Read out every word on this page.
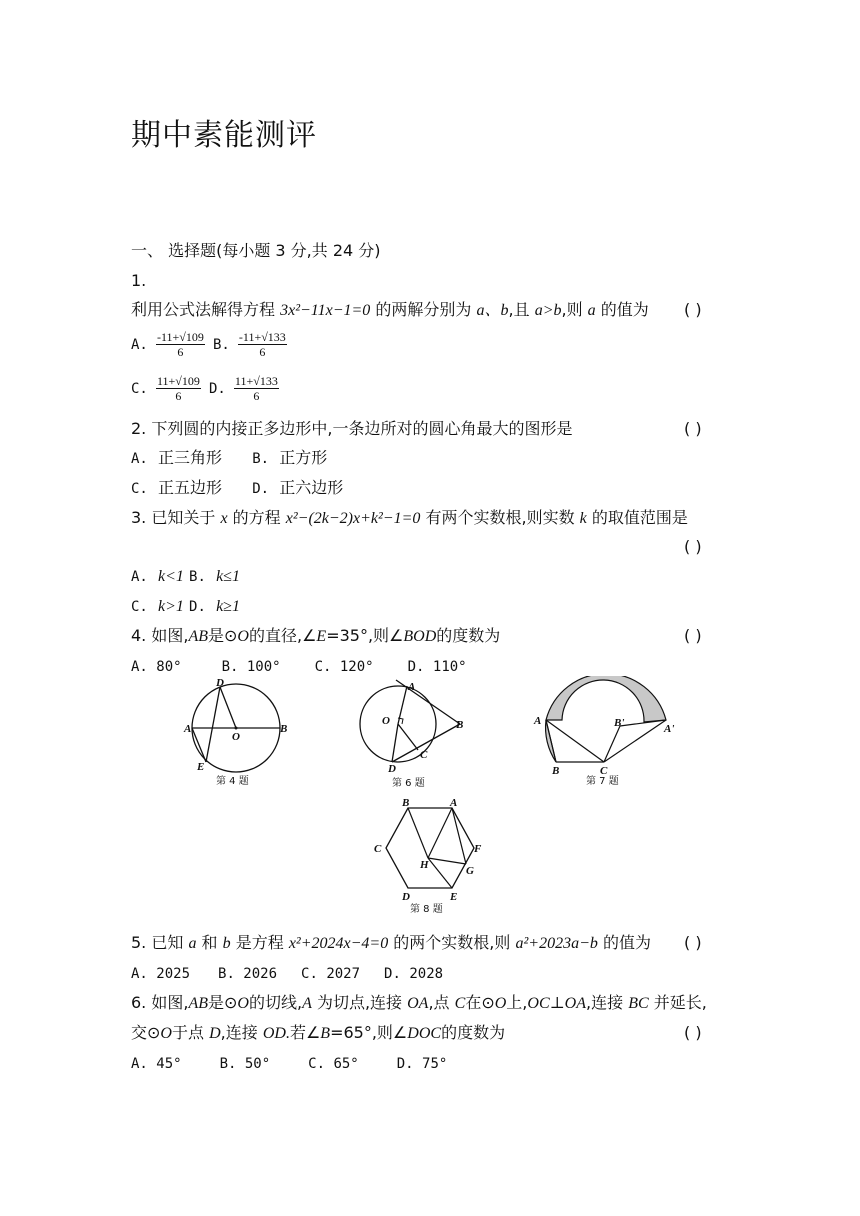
期中素能测评
一、 选择题(每小题 3 分,共 24 分)
1.
利用公式法解得方程 3x²−11x−1=0 的两解分别为 a、b,且 a>b,则 a 的值为 ( )
A. $\frac{-11+√109}{6} B$. $\frac{-11+√133}{6}$
C. $\frac{11+√109}{6} D$. $\frac{11+√133}{6}$
2. 下列圆的内接正多边形中,一条边所对的圆心角最大的图形是	( )
A. 正三角形 B. 正方形
C. 正五边形 D. 正六边形
3. 已知关于 x 的方程 x²−(2k−2)x+k²−1=0 有两个实数根,则实数 k 的取值范围是
( )
A. k<1 B. k≤1
C. k>1 D. k≥1
4. 如图,AB是⊙O的直径,∠E=35°,则∠BOD的度数为	( )
A. 80°	B. 100° C. 120° D. 110°
D
A
O
B
E
第 4 题
A
O	B
C
D
第 6 题
A	B'	A'
B	C
第 7 题
B	A
C	F
H	G
D	E
第 8 题
5. 已知 a 和 b 是方程 x²+2024x−4=0 的两个实数根,则 a²+2023a−b 的值为 ( )
A. 2025 B. 2026 C. 2027 D. 2028
6. 如图,AB是⊙O的切线,A 为切点,连接 OA,点 C在⊙O上,OC⊥OA,连接 BC 并延长,
交⊙O于点 D,连接 OD.若∠B=65°,则∠DOC的度数为	( )
A. 45°	B. 50°	C. 65°	D. 75°
